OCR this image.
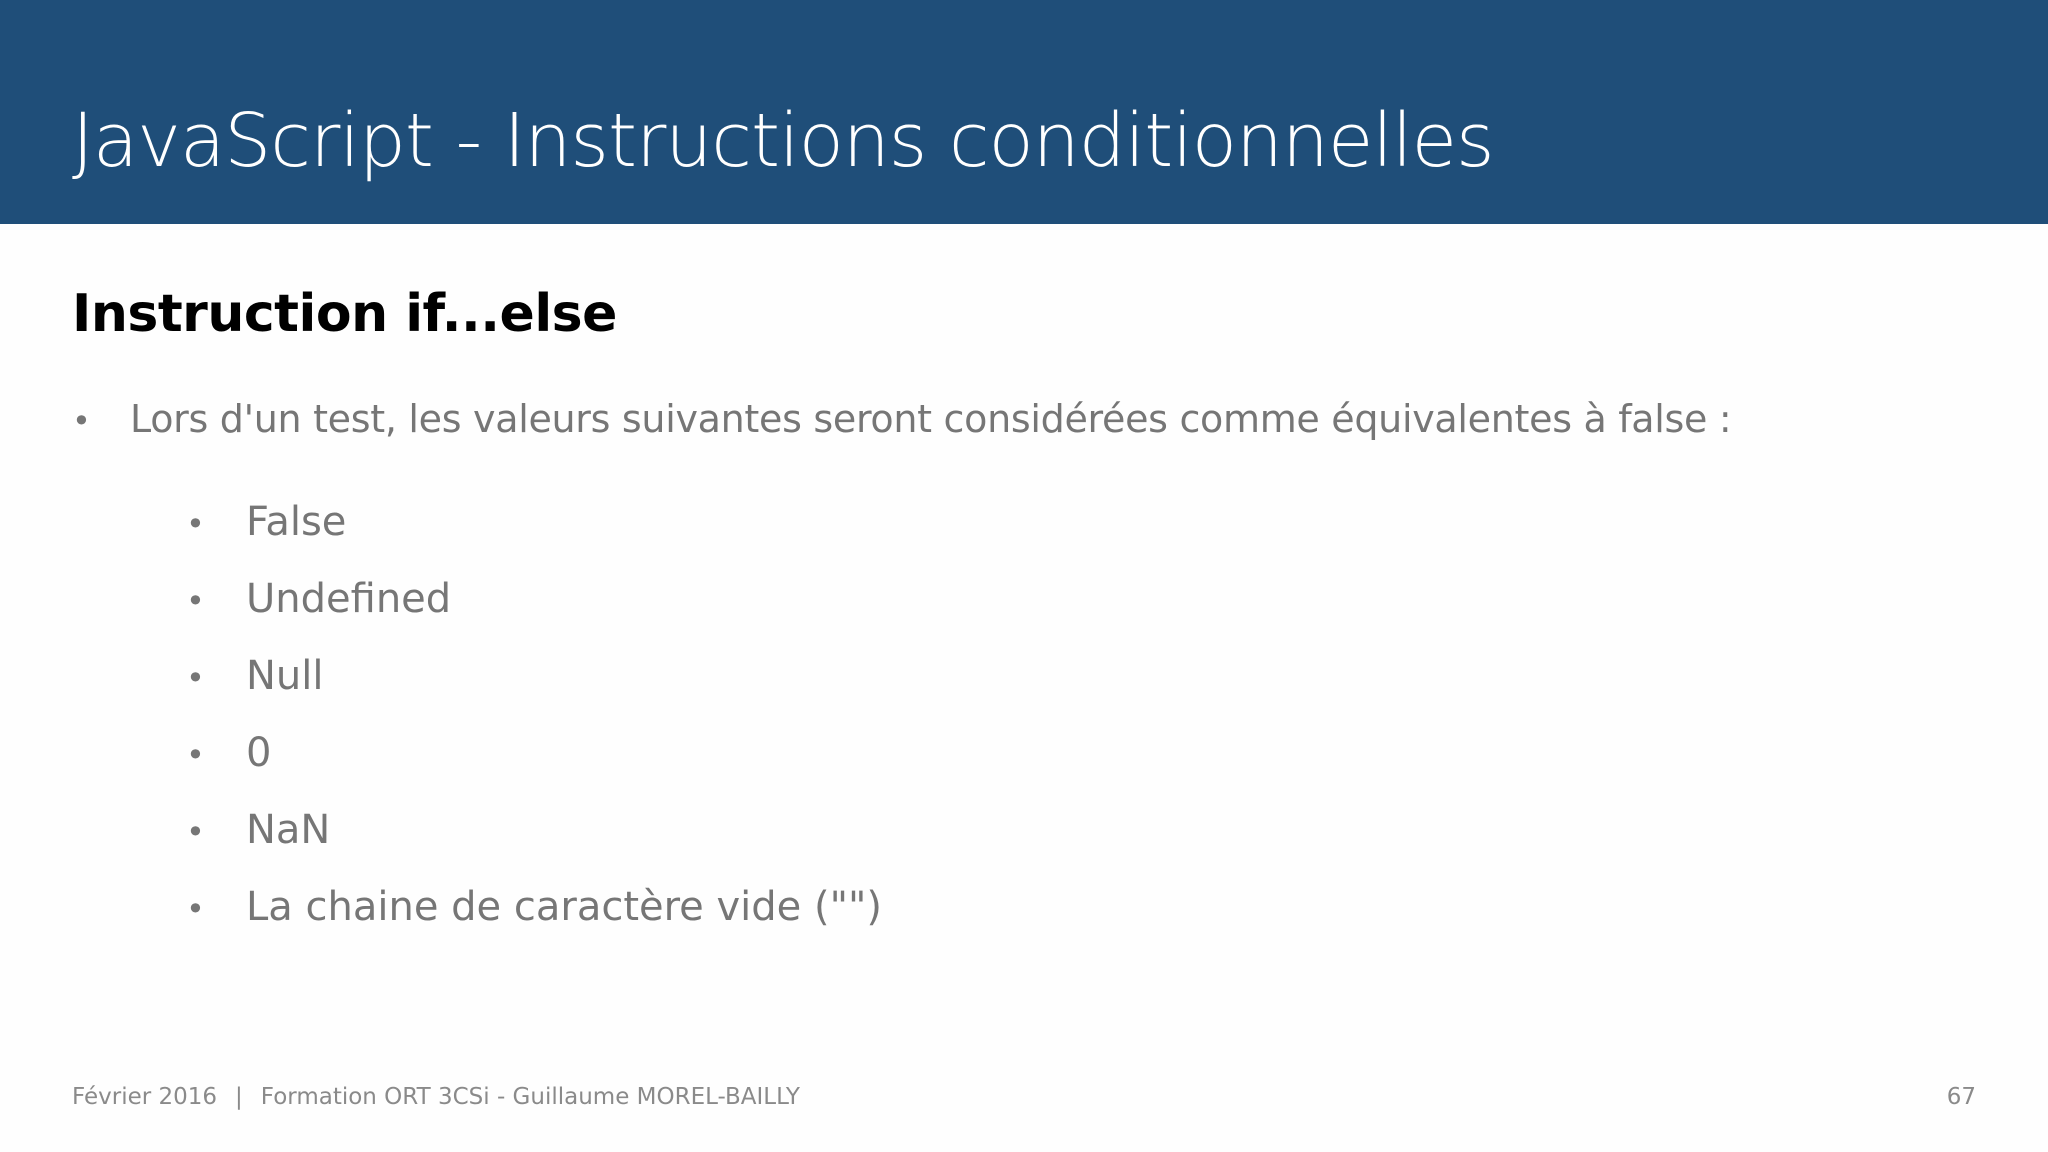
JavaScript - Instructions conditionnelles
Instruction if...else
•	Lors d'un test, les valeurs suivantes seront considérées comme équivalentes à false :
•	False
•	Undefined
•	Null
•	0
•	NaN
•	La chaine de caractère vide ("")
Février 2016 | Formation ORT 3CSi - Guillaume MOREL-BAILLY	67
